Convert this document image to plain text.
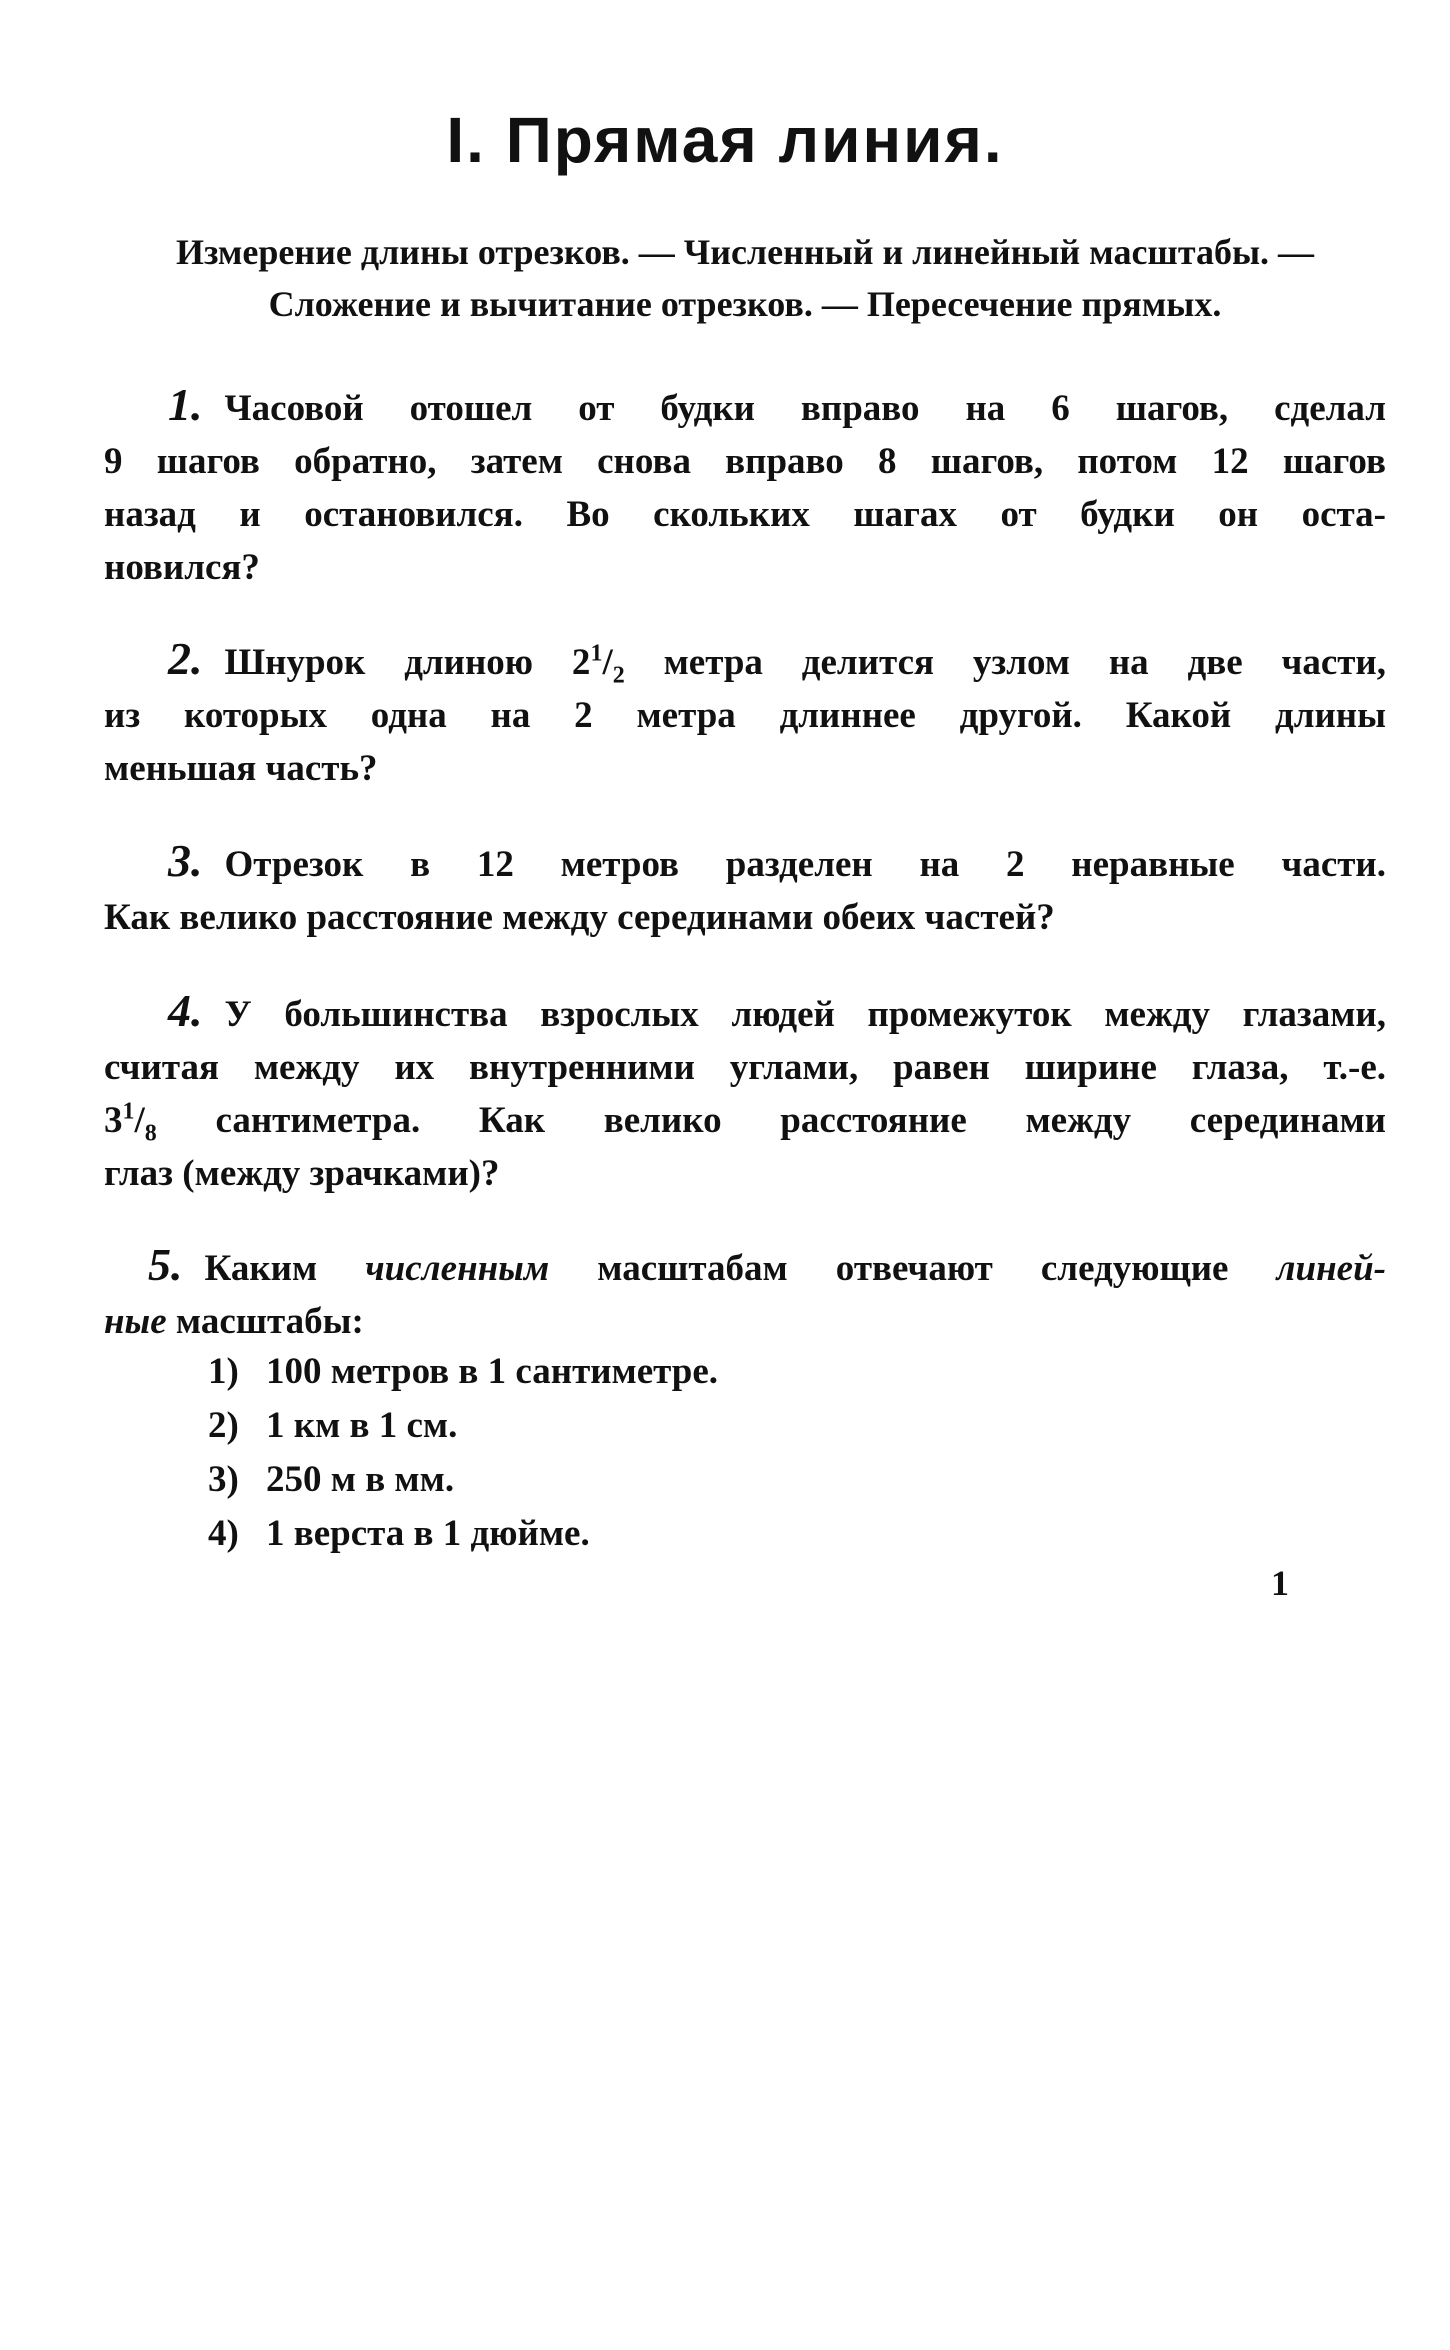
I. Прямая линия.
Измерение длины отрезков. — Численный и линейный масштабы. —
Сложение и вычитание отрезков. — Пересечение прямых.
1. Часовой отошел от будки вправо на 6 шагов, сделал
9 шагов обратно, затем снова вправо 8 шагов, потом 12 шагов
назад и остановился. Во скольких шагах от будки он оста-
новился?
2. Шнурок длиною $2^1/_2$ метра делится узлом на две части,
из которых одна на 2 метра длиннее другой. Какой длины
меньшая часть?
3. Отрезок в 12 метров разделен на 2 неравные части.
Как велико расстояние между серединами обеих частей?
4. У большинства взрослых людей промежуток между глазами,
считая между их внутренними углами, равен ширине глаза, т.-е.
$3^1/_8$ сантиметра. Как велико расстояние между серединами
глаз (между зрачками)?
5. Каким численным масштабам отвечают следующие линей-
ные масштабы:
1) 100 метров в 1 сантиметре.
2) 1 км в 1 см.
3) 250 м в мм.
4) 1 верста в 1 дюйме.
1
